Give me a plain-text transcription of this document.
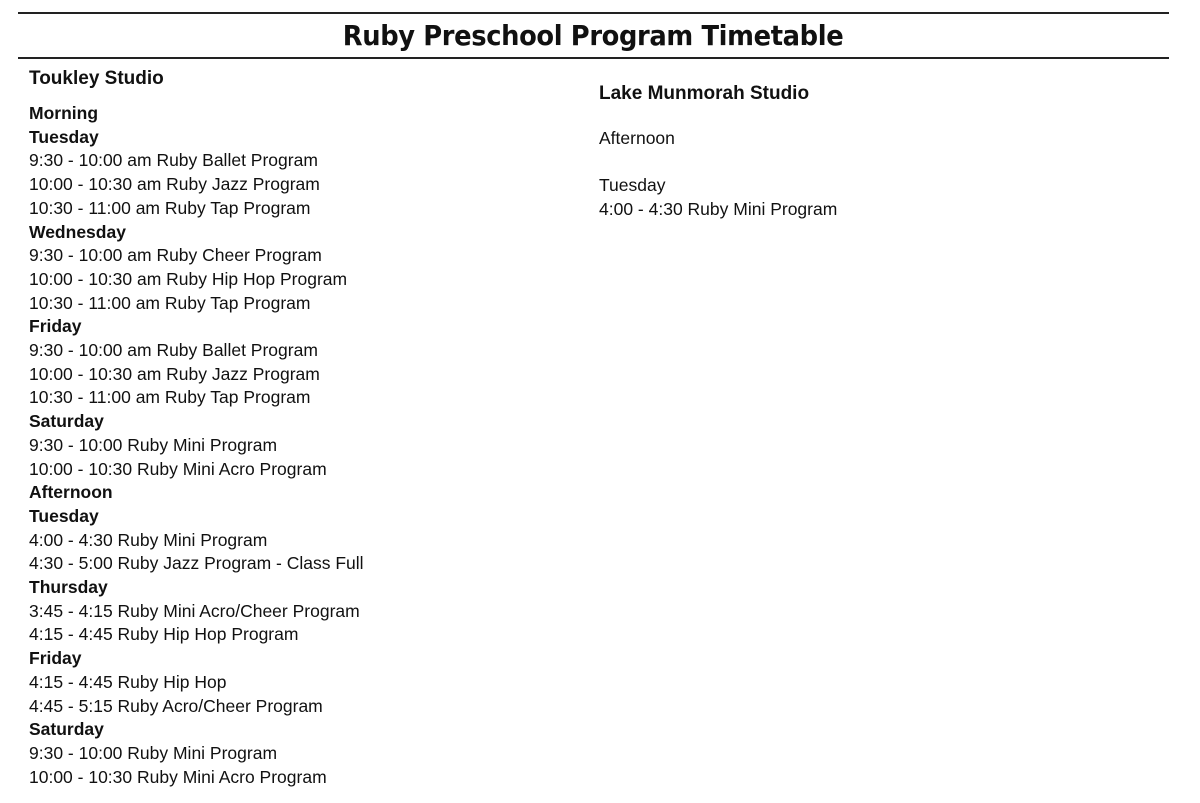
Ruby Preschool Program Timetable
Toukley Studio
Morning
Tuesday
9:30 - 10:00 am Ruby Ballet Program
10:00 - 10:30 am Ruby Jazz Program
10:30 - 11:00 am Ruby Tap Program
Wednesday
9:30 - 10:00 am Ruby Cheer Program
10:00 - 10:30 am Ruby Hip Hop Program
10:30 - 11:00 am Ruby Tap Program
Friday
9:30 - 10:00 am Ruby Ballet Program
10:00 - 10:30 am Ruby Jazz Program
10:30 - 11:00 am Ruby Tap Program
Saturday
9:30 - 10:00 Ruby Mini Program
10:00 - 10:30 Ruby Mini Acro Program
Afternoon
Tuesday
4:00 - 4:30 Ruby Mini Program
4:30 - 5:00 Ruby Jazz Program - Class Full
Thursday
3:45 - 4:15 Ruby Mini Acro/Cheer Program
4:15 - 4:45 Ruby Hip Hop Program
Friday
4:15 - 4:45 Ruby Hip Hop
4:45 - 5:15 Ruby Acro/Cheer Program
Saturday
9:30 - 10:00 Ruby Mini Program
10:00 - 10:30 Ruby Mini Acro Program
Lake Munmorah Studio
Afternoon
Tuesday
4:00 - 4:30 Ruby Mini Program
